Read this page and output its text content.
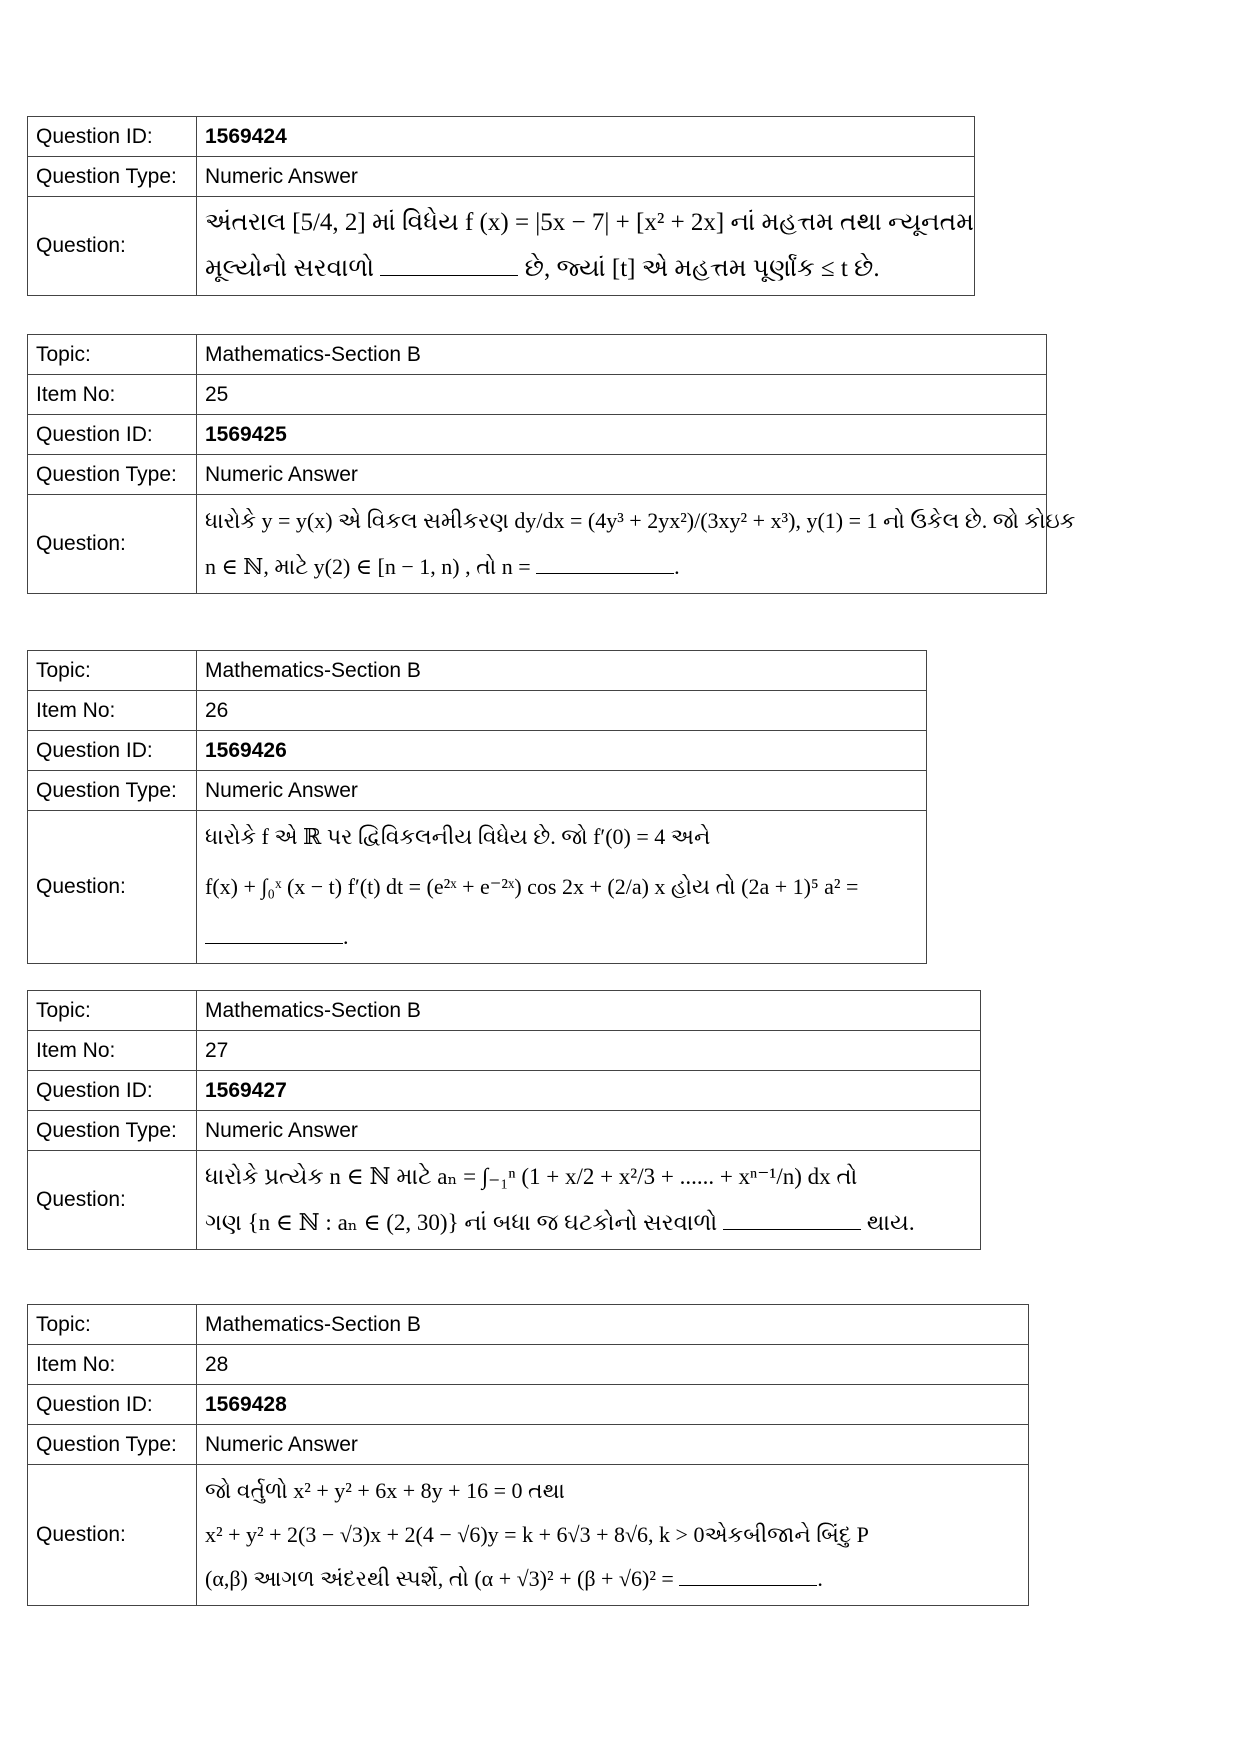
Question ID:	1569424
Question Type:	Numeric Answer
Question:	અંતરાલ [5/4, 2] માં વિધેય f (x) = |5x − 7| + [x² + 2x] નાં મહત્તમ તથા ન્યૂનતમ
મૂલ્યોનો સરવાળો છે, જ્યાં [t] એ મહત્તમ પૂર્ણાંક ≤ t છે.
Topic:	Mathematics-Section B
Item No:	25
Question ID:	1569425
Question Type:	Numeric Answer
Question:	ધારોકે y = y(x) એ વિકલ સમીકરણ dy/dx = (4y³ + 2yx²)/(3xy² + x³), y(1) = 1 નો ઉકેલ છે. જો કોઇક
n ∈ ℕ, માટે y(2) ∈ [n − 1, n) , તો n = .
Topic:	Mathematics-Section B
Item No:	26
Question ID:	1569426
Question Type:	Numeric Answer
Question:	ધારોકે f એ ℝ પર દ્વિવિકલનીય વિધેય છે. જો f′(0) = 4 અને
f(x) + ∫₀ˣ (x − t) f′(t) dt = (e²ˣ + e⁻²ˣ) cos 2x + (2/a) x હોય તો (2a + 1)⁵ a² =
.
Topic:	Mathematics-Section B
Item No:	27
Question ID:	1569427
Question Type:	Numeric Answer
Question:	ધારોકે પ્રત્યેક n ∈ ℕ માટે aₙ = ∫₋₁ⁿ (1 + x/2 + x²/3 + ...... + xⁿ⁻¹/n) dx તો
ગણ {n ∈ ℕ : aₙ ∈ (2, 30)} નાં બધા જ ઘટકોનો સરવાળો થાય.
Topic:	Mathematics-Section B
Item No:	28
Question ID:	1569428
Question Type:	Numeric Answer
Question:	જો વર્તુળો x² + y² + 6x + 8y + 16 = 0 તથા
x² + y² + 2(3 − √3)x + 2(4 − √6)y = k + 6√3 + 8√6, k > 0એકબીજાને બિંદુ P
(α,β) આગળ અંદરથી સ્પર્શે, તો (α + √3)² + (β + √6)² = .
